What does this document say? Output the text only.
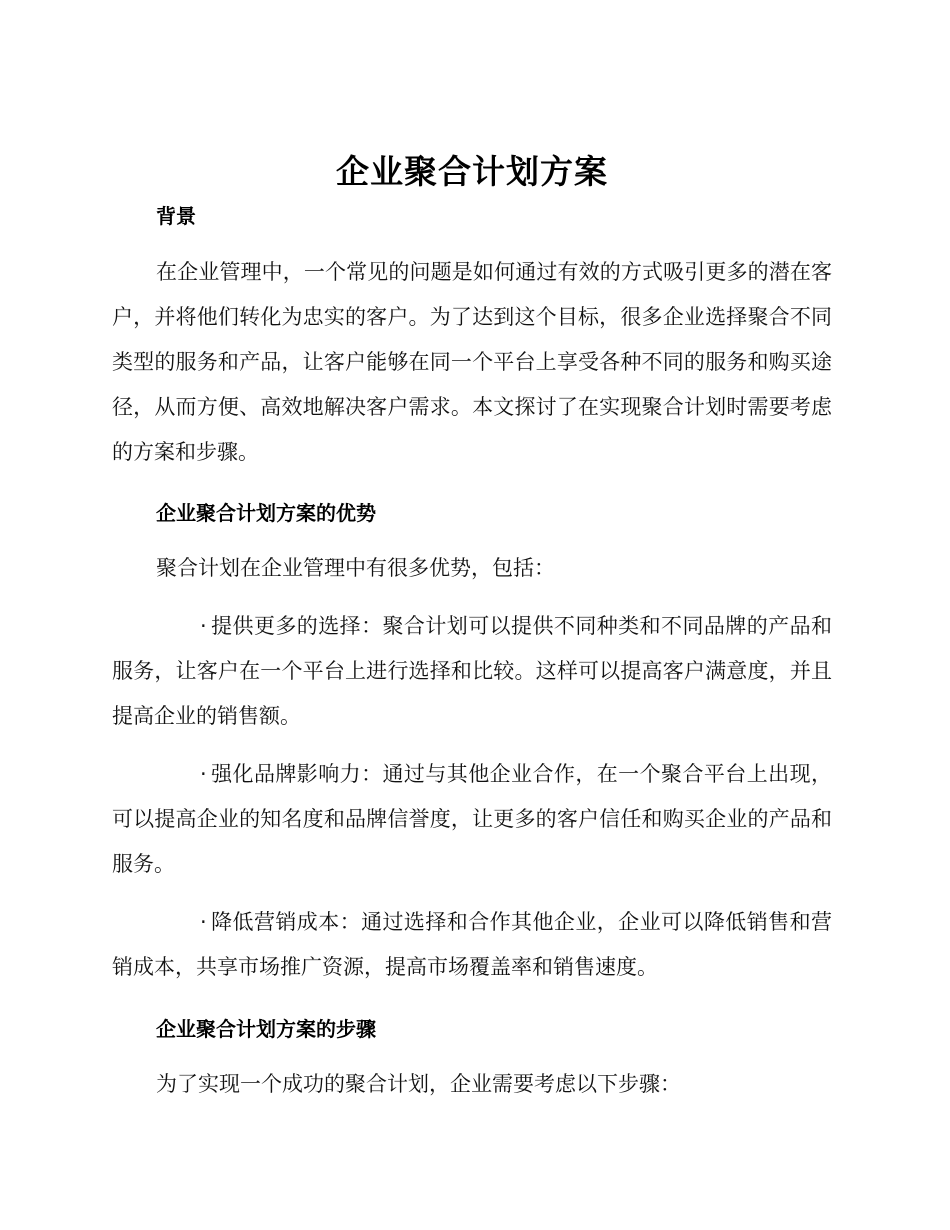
企业聚合计划方案
背景

在企业管理中，一个常见的问题是如何通过有效的方式吸引更多的潜在客户，并将他们转化为忠实的客户。为了达到这个目标，很多企业选择聚合不同类型的服务和产品，让客户能够在同一个平台上享受各种不同的服务和购买途径，从而方便、高效地解决客户需求。本文探讨了在实现聚合计划时需要考虑的方案和步骤。

企业聚合计划方案的优势

聚合计划在企业管理中有很多优势，包括：

· 提供更多的选择：聚合计划可以提供不同种类和不同品牌的产品和服务，让客户在一个平台上进行选择和比较。这样可以提高客户满意度，并且提高企业的销售额。

· 强化品牌影响力：通过与其他企业合作，在一个聚合平台上出现，可以提高企业的知名度和品牌信誉度，让更多的客户信任和购买企业的产品和服务。

· 降低营销成本：通过选择和合作其他企业，企业可以降低销售和营销成本，共享市场推广资源，提高市场覆盖率和销售速度。

企业聚合计划方案的步骤

为了实现一个成功的聚合计划，企业需要考虑以下步骤：
